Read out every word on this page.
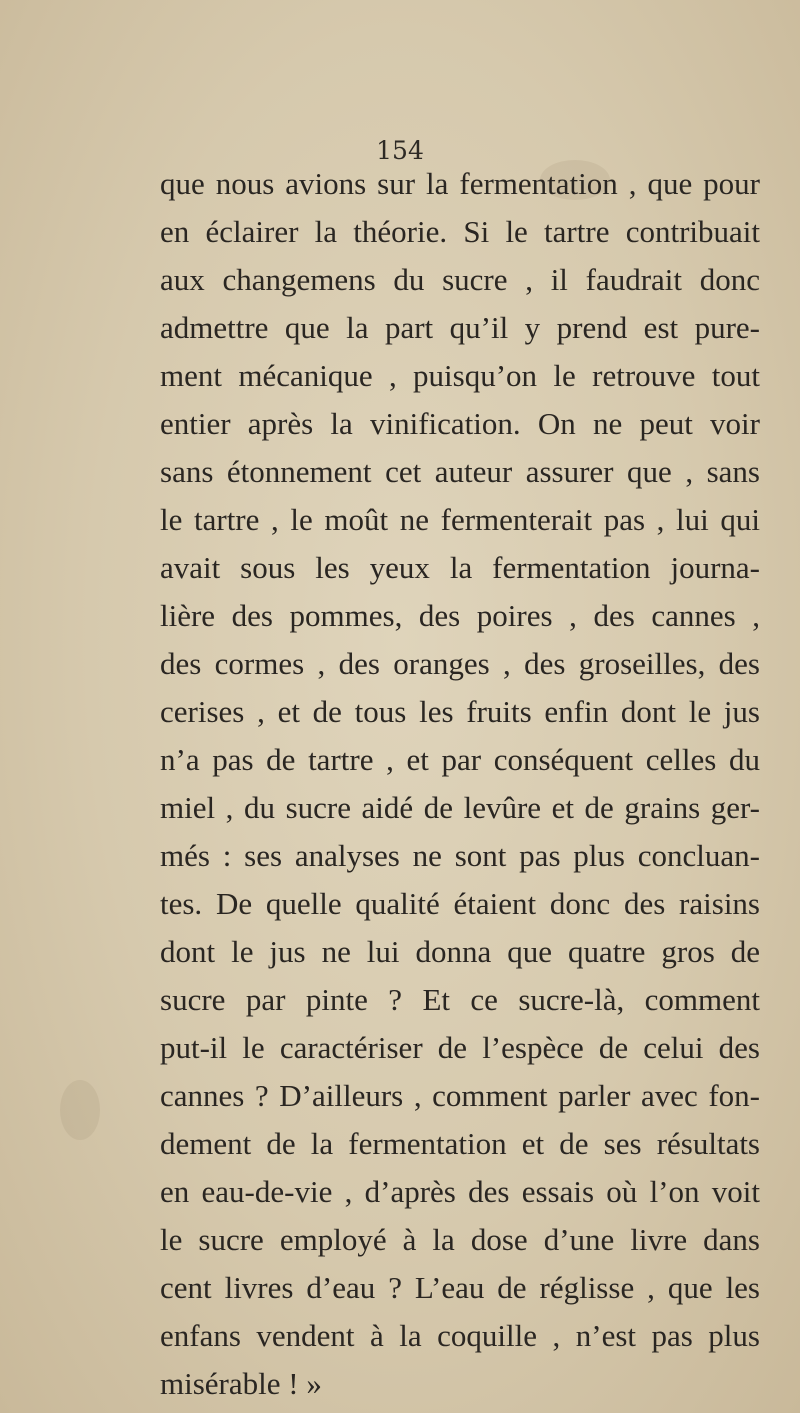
154
que nous avions sur la fermentation , que pour
en éclairer la théorie. Si le tartre contribuait
aux changemens du sucre , il faudrait donc
admettre que la part qu’il y prend est pure-
ment mécanique , puisqu’on le retrouve tout
entier après la vinification. On ne peut voir
sans étonnement cet auteur assurer que , sans
le tartre , le moût ne fermenterait pas , lui qui
avait sous les yeux la fermentation journa-
lière des pommes, des poires , des cannes ,
des cormes , des oranges , des groseilles, des
cerises , et de tous les fruits enfin dont le jus
n’a pas de tartre , et par conséquent celles du
miel , du sucre aidé de levûre et de grains ger-
més : ses analyses ne sont pas plus concluan-
tes. De quelle qualité étaient donc des raisins
dont le jus ne lui donna que quatre gros de
sucre par pinte ? Et ce sucre-là, comment
put-il le caractériser de l’espèce de celui des
cannes ? D’ailleurs , comment parler avec fon-
dement de la fermentation et de ses résultats
en eau-de-vie , d’après des essais où l’on voit
le sucre employé à la dose d’une livre dans
cent livres d’eau ? L’eau de réglisse , que les
enfans vendent à la coquille , n’est pas plus
misérable ! »
